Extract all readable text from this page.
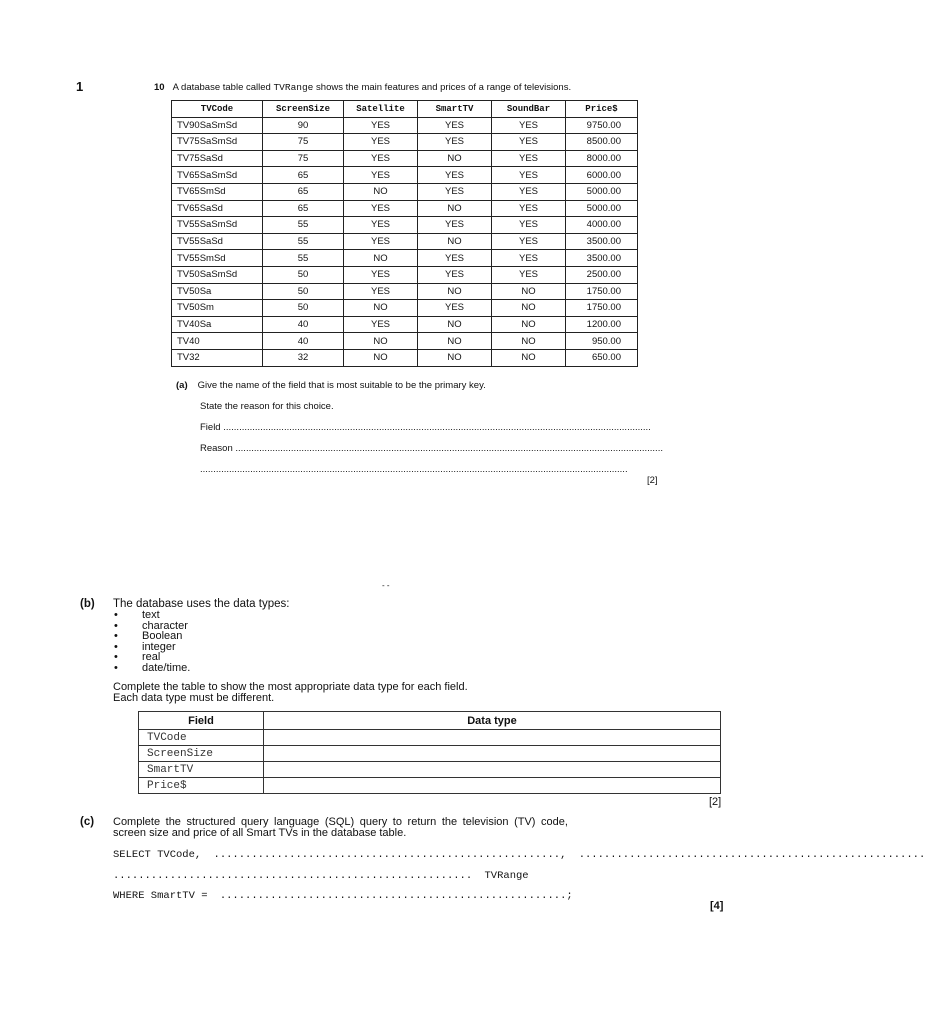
1	10 A database table called TVRange shows the main features and prices of a range of televisions.
TVCode	ScreenSize	Satellite	SmartTV	SoundBar	Price$
TV90SaSmSd	90	YES	YES	YES	9750.00
TV75SaSmSd	75	YES	YES	YES	8500.00
TV75SaSd	75	YES	NO	YES	8000.00
TV65SaSmSd	65	YES	YES	YES	6000.00
TV65SmSd	65	NO	YES	YES	5000.00
TV65SaSd	65	YES	NO	YES	5000.00
TV55SaSmSd	55	YES	YES	YES	4000.00
TV55SaSd	55	YES	NO	YES	3500.00
TV55SmSd	55	NO	YES	YES	3500.00
TV50SaSmSd	50	YES	YES	YES	2500.00
TV50Sa	50	YES	NO	NO	1750.00
TV50Sm	50	NO	YES	NO	1750.00
TV40Sa	40	YES	NO	NO	1200.00
TV40	40	NO	NO	NO	950.00
TV32	32	NO	NO	NO	650.00
(a) Give the name of the field that is most suitable to be the primary key.
State the reason for this choice.
Field ..................................................................................................................................................................
Reason ..................................................................................................................................................................
..................................................................................................................................................................
[2]
- -
(b) The database uses the data types:
• text
• character
• Boolean
• integer
• real
• date/time.
Complete the table to show the most appropriate data type for each field.
Each data type must be different.
Field	Data type
TVCode	
ScreenSize	
SmartTV	
Price$	
[2]
(c) Complete the structured query language (SQL) query to return the television (TV) code,
screen size and price of all Smart TVs in the database table.
SELECT TVCode, ......................................................., .......................................................
......................................................... TVRange
WHERE SmartTV = .......................................................;
[4]
